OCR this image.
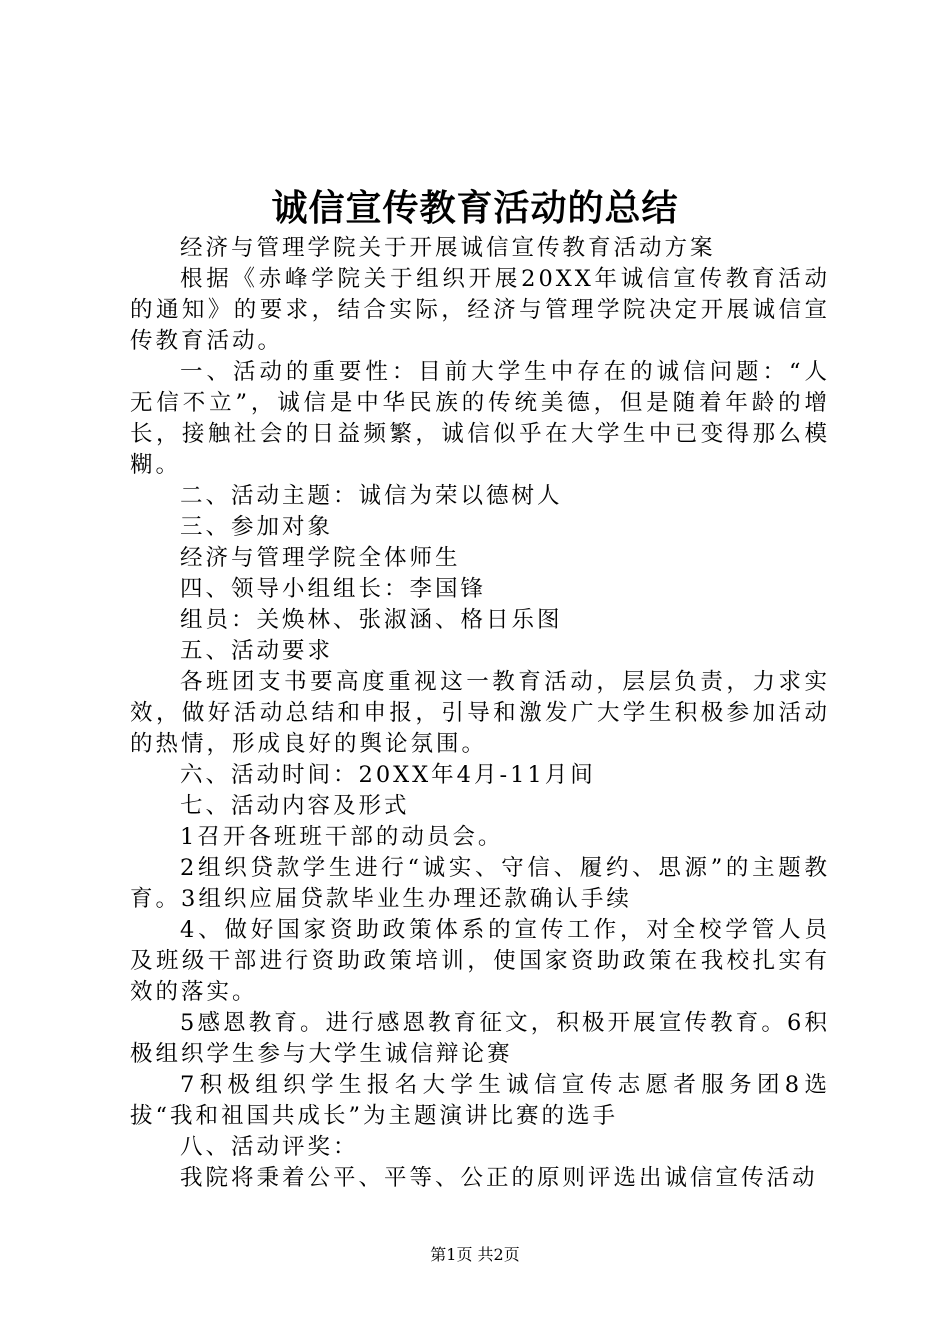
诚信宣传教育活动的总结

经济与管理学院关于开展诚信宣传教育活动方案

根据《赤峰学院关于组织开展20XX年诚信宣传教育活动的通知》的要求，结合实际，经济与管理学院决定开展诚信宣传教育活动。

一、活动的重要性：目前大学生中存在的诚信问题：“人无信不立”，诚信是中华民族的传统美德，但是随着年龄的增长，接触社会的日益频繁，诚信似乎在大学生中已变得那么模糊。

二、活动主题：诚信为荣以德树人

三、参加对象

经济与管理学院全体师生

四、领导小组组长：李国锋

组员：关焕林、张淑涵、格日乐图

五、活动要求

各班团支书要高度重视这一教育活动，层层负责，力求实效，做好活动总结和申报，引导和激发广大学生积极参加活动的热情，形成良好的舆论氛围。

六、活动时间：20XX年4月-11月间

七、活动内容及形式

1召开各班班干部的动员会。

2组织贷款学生进行“诚实、守信、履约、思源”的主题教育。3组织应届贷款毕业生办理还款确认手续

4、做好国家资助政策体系的宣传工作，对全校学管人员及班级干部进行资助政策培训，使国家资助政策在我校扎实有效的落实。

5感恩教育。进行感恩教育征文，积极开展宣传教育。6积极组织学生参与大学生诚信辩论赛

7积极组织学生报名大学生诚信宣传志愿者服务团8选拔“我和祖国共成长”为主题演讲比赛的选手

八、活动评奖：

我院将秉着公平、平等、公正的原则评选出诚信宣传活动

第1页 共2页
